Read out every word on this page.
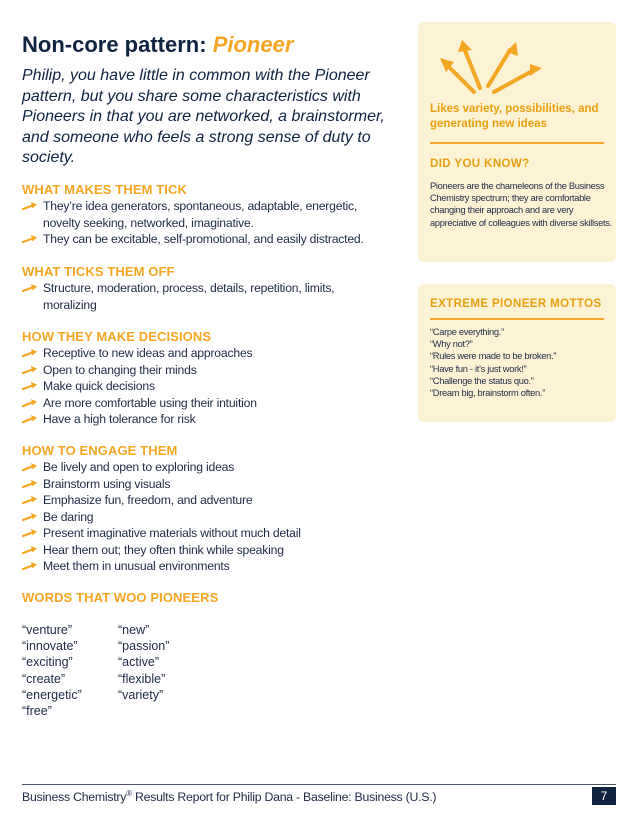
Non-core pattern: Pioneer
Philip, you have little in common with the Pioneer pattern, but you share some characteristics with Pioneers in that you are networked, a brainstormer, and someone who feels a strong sense of duty to society.
WHAT MAKES THEM TICK
They’re idea generators, spontaneous, adaptable, energetic, novelty seeking, networked, imaginative.
They can be excitable, self-promotional, and easily distracted.
WHAT TICKS THEM OFF
Structure, moderation, process, details, repetition, limits, moralizing
HOW THEY MAKE DECISIONS
Receptive to new ideas and approaches
Open to changing their minds
Make quick decisions
Are more comfortable using their intuition
Have a high tolerance for risk
HOW TO ENGAGE THEM
Be lively and open to exploring ideas
Brainstorm using visuals
Emphasize fun, freedom, and adventure
Be daring
Present imaginative materials without much detail
Hear them out; they often think while speaking
Meet them in unusual environments
WORDS THAT WOO PIONEERS
“venture”
“innovate”
“exciting”
“create”
“energetic”
“free”
“new”
“passion”
“active”
“flexible”
“variety”
Likes variety, possibilities, and generating new ideas
DID YOU KNOW?
Pioneers are the chameleons of the Business Chemistry spectrum; they are comfortable changing their approach and are very appreciative of colleagues with diverse skillsets.
EXTREME PIONEER MOTTOS
“Carpe everything.”
“Why not?”
“Rules were made to be broken.”
“Have fun - it’s just work!”
“Challenge the status quo.”
“Dream big, brainstorm often.”
Business Chemistry® Results Report for Philip Dana - Baseline: Business (U.S.)	7
